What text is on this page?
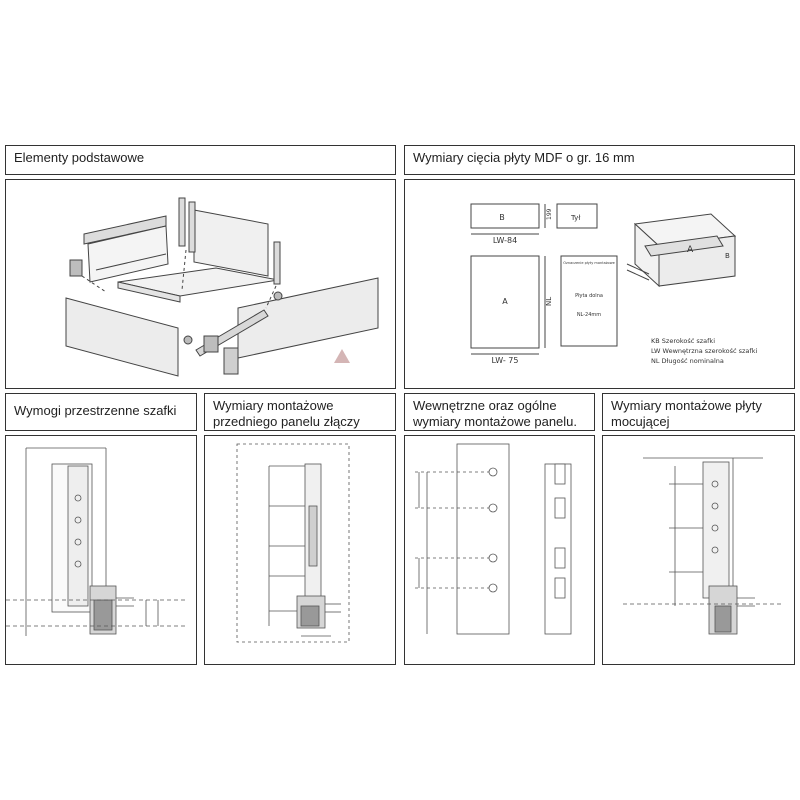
Elementy podstawowe	Wymiary cięcia płyty MDF o gr. 16 mm
B	199	Tył
LW-84
A	NL
LW- 75
Oznaczenie płyty montażowe
Płyta dolna
NL-24mm
A
B
KB Szerokość szafki
LW Wewnętrzna szerokość szafki
NL Długość nominalna
Wymogi przestrzenne szafki	Wymiary montażowe
przedniego panelu złączy
Wewnętrzne oraz ogólne
wymiary montażowe panelu.
Wymiary montażowe płyty
mocującej
